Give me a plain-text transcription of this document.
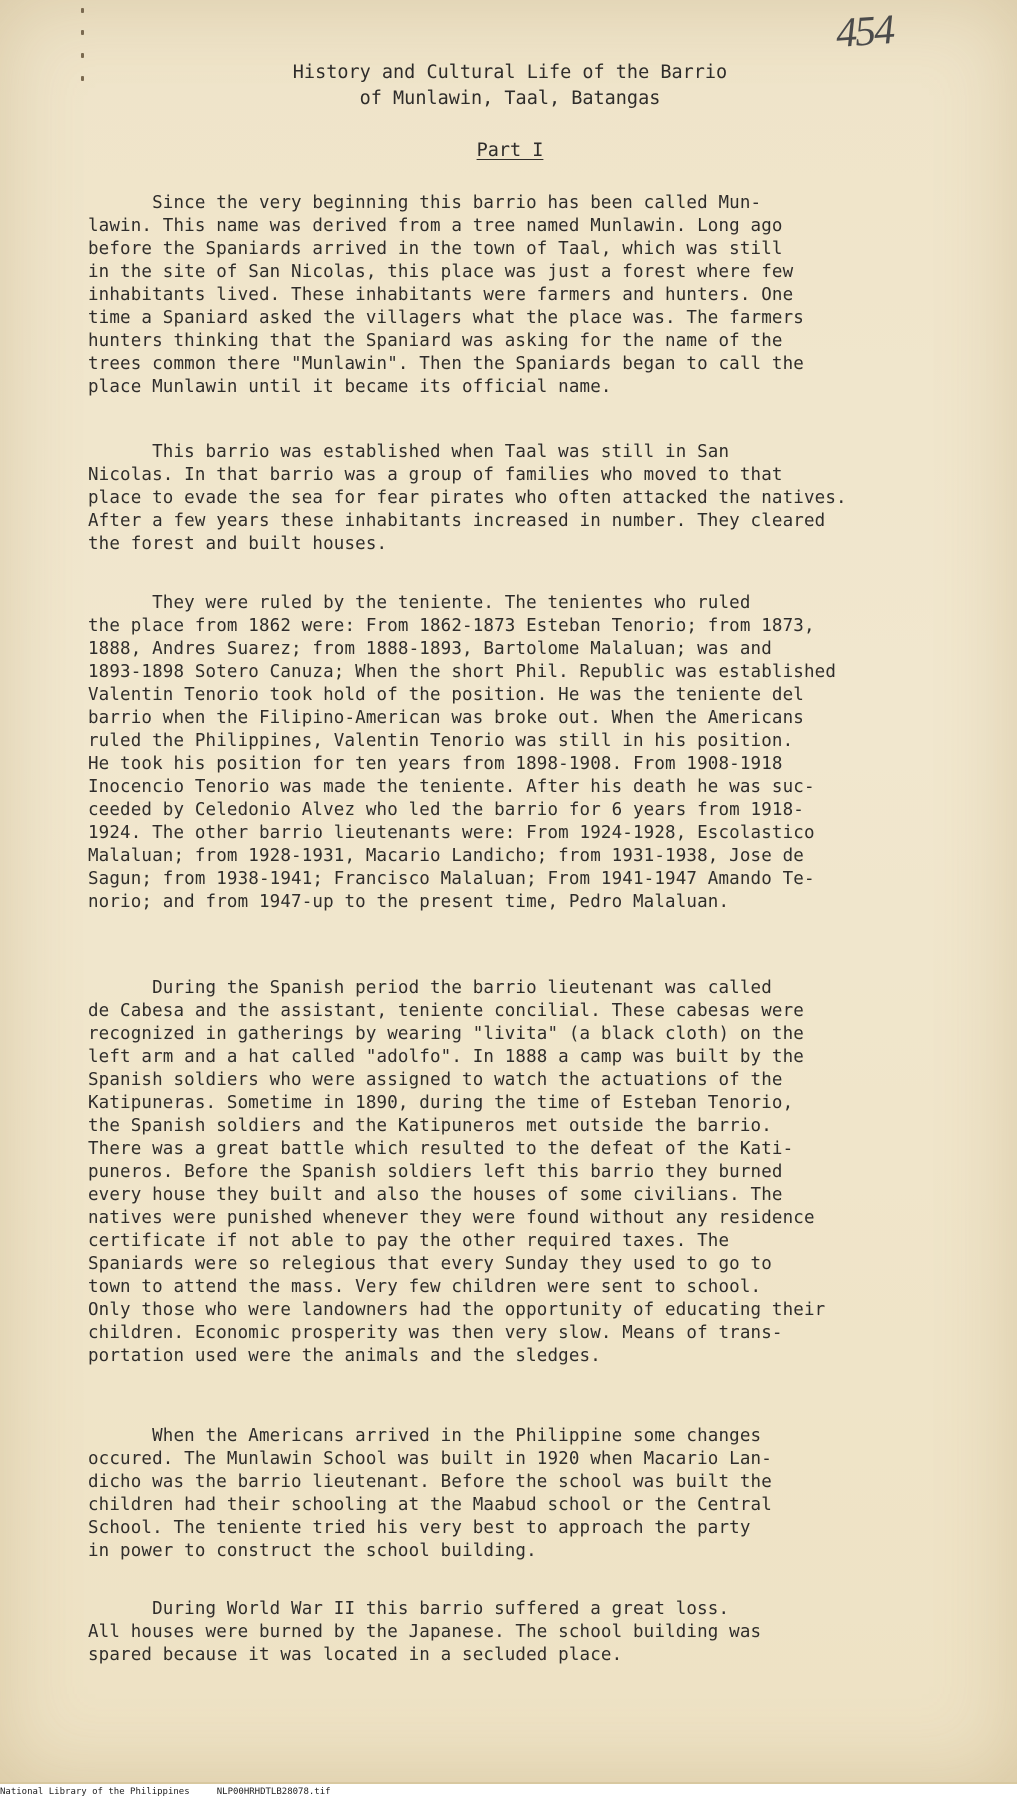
454
History and Cultural Life of the Barrio
of Munlawin, Taal, Batangas
Part I

Since the very beginning this barrio has been called Mun-
lawin. This name was derived from a tree named Munlawin. Long ago
before the Spaniards arrived in the town of Taal, which was still
in the site of San Nicolas, this place was just a forest where few
inhabitants lived. These inhabitants were farmers and hunters. One
time a Spaniard asked the villagers what the place was. The farmers
hunters thinking that the Spaniard was asking for the name of the
trees common there "Munlawin". Then the Spaniards began to call the
place Munlawin until it became its official name.

This barrio was established when Taal was still in San
Nicolas. In that barrio was a group of families who moved to that
place to evade the sea for fear pirates who often attacked the natives.
After a few years these inhabitants increased in number. They cleared
the forest and built houses.

They were ruled by the teniente. The tenientes who ruled
the place from 1862 were: From 1862-1873 Esteban Tenorio; from 1873,
1888, Andres Suarez; from 1888-1893, Bartolome Malaluan; was and
1893-1898 Sotero Canuza; When the short Phil. Republic was established
Valentin Tenorio took hold of the position. He was the teniente del
barrio when the Filipino-American was broke out. When the Americans
ruled the Philippines, Valentin Tenorio was still in his position.
He took his position for ten years from 1898-1908. From 1908-1918
Inocencio Tenorio was made the teniente. After his death he was suc-
ceeded by Celedonio Alvez who led the barrio for 6 years from 1918-
1924. The other barrio lieutenants were: From 1924-1928, Escolastico
Malaluan; from 1928-1931, Macario Landicho; from 1931-1938, Jose de
Sagun; from 1938-1941; Francisco Malaluan; From 1941-1947 Amando Te-
norio; and from 1947-up to the present time, Pedro Malaluan.

During the Spanish period the barrio lieutenant was called
de Cabesa and the assistant, teniente concilial. These cabesas were
recognized in gatherings by wearing "livita" (a black cloth) on the
left arm and a hat called "adolfo". In 1888 a camp was built by the
Spanish soldiers who were assigned to watch the actuations of the
Katipuneras. Sometime in 1890, during the time of Esteban Tenorio,
the Spanish soldiers and the Katipuneros met outside the barrio.
There was a great battle which resulted to the defeat of the Kati-
puneros. Before the Spanish soldiers left this barrio they burned
every house they built and also the houses of some civilians. The
natives were punished whenever they were found without any residence
certificate if not able to pay the other required taxes. The
Spaniards were so relegious that every Sunday they used to go to
town to attend the mass. Very few children were sent to school.
Only those who were landowners had the opportunity of educating their
children. Economic prosperity was then very slow. Means of trans-
portation used were the animals and the sledges.

When the Americans arrived in the Philippine some changes
occured. The Munlawin School was built in 1920 when Macario Lan-
dicho was the barrio lieutenant. Before the school was built the
children had their schooling at the Maabud school or the Central
School. The teniente tried his very best to approach the party
in power to construct the school building.

During World War II this barrio suffered a great loss.
All houses were burned by the Japanese. The school building was
spared because it was located in a secluded place.

National Library of the Philippines	NLP00HRHDTLB28078.tif
